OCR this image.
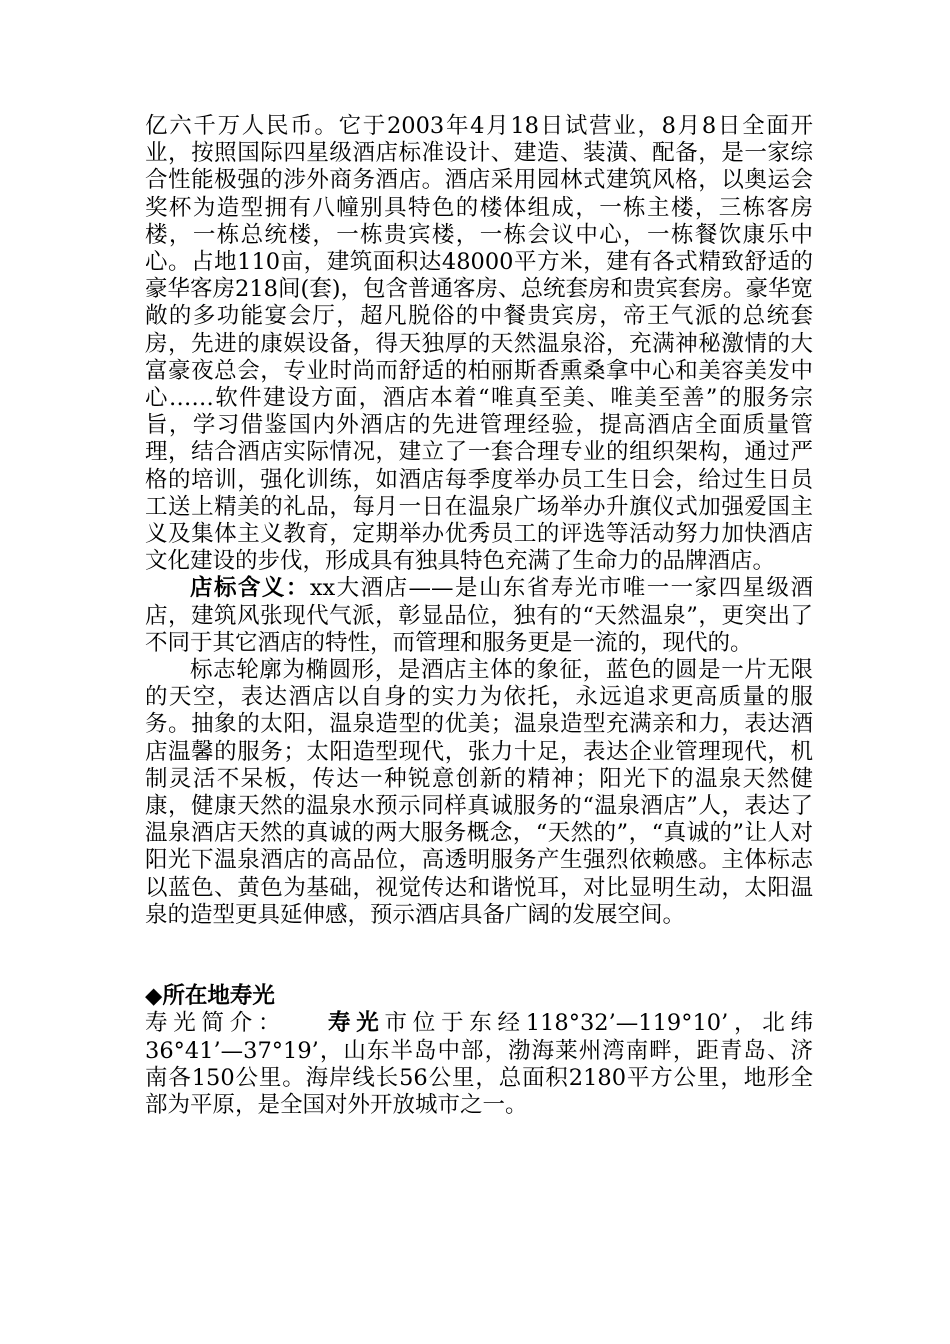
亿六千万人民币。它于2003年4月18日试营业，8月8日全面开业，按照国际四星级酒店标准设计、建造、装潢、配备，是一家综合性能极强的涉外商务酒店。酒店采用园林式建筑风格，以奥运会奖杯为造型拥有八幢别具特色的楼体组成，一栋主楼，三栋客房楼，一栋总统楼，一栋贵宾楼，一栋会议中心，一栋餐饮康乐中心。占地110亩，建筑面积达48000平方米，建有各式精致舒适的豪华客房218间(套)，包含普通客房、总统套房和贵宾套房。豪华宽敞的多功能宴会厅，超凡脱俗的中餐贵宾房，帝王气派的总统套房，先进的康娱设备，得天独厚的天然温泉浴，充满神秘激情的大富豪夜总会，专业时尚而舒适的柏丽斯香熏桑拿中心和美容美发中心……软件建设方面，酒店本着“唯真至美、唯美至善”的服务宗旨，学习借鉴国内外酒店的先进管理经验，提高酒店全面质量管理，结合酒店实际情况，建立了一套合理专业的组织架构，通过严格的培训，强化训练，如酒店每季度举办员工生日会，给过生日员工送上精美的礼品，每月一日在温泉广场举办升旗仪式加强爱国主义及集体主义教育，定期举办优秀员工的评选等活动努力加快酒店文化建设的步伐，形成具有独具特色充满了生命力的品牌酒店。

店标含义：xx大酒店——是山东省寿光市唯一一家四星级酒店，建筑风张现代气派，彰显品位，独有的“天然温泉”，更突出了不同于其它酒店的特性，而管理和服务更是一流的，现代的。

标志轮廓为椭圆形，是酒店主体的象征，蓝色的圆是一片无限的天空，表达酒店以自身的实力为依托，永远追求更高质量的服务。抽象的太阳，温泉造型的优美；温泉造型充满亲和力，表达酒店温馨的服务；太阳造型现代，张力十足，表达企业管理现代，机制灵活不呆板，传达一种锐意创新的精神；阳光下的温泉天然健康，健康天然的温泉水预示同样真诚服务的“温泉酒店”人，表达了温泉酒店天然的真诚的两大服务概念，“天然的”，“真诚的”让人对阳光下温泉酒店的高品位，高透明服务产生强烈依赖感。主体标志以蓝色、黄色为基础，视觉传达和谐悦耳，对比显明生动，太阳温泉的造型更具延伸感，预示酒店具备广阔的发展空间。

◆所在地寿光

寿光简介： 寿光市位于东经118°32’—119°10’，北纬36°41’—37°19’，山东半岛中部，渤海莱州湾南畔，距青岛、济南各150公里。海岸线长56公里，总面积2180平方公里，地形全部为平原，是全国对外开放城市之一。
